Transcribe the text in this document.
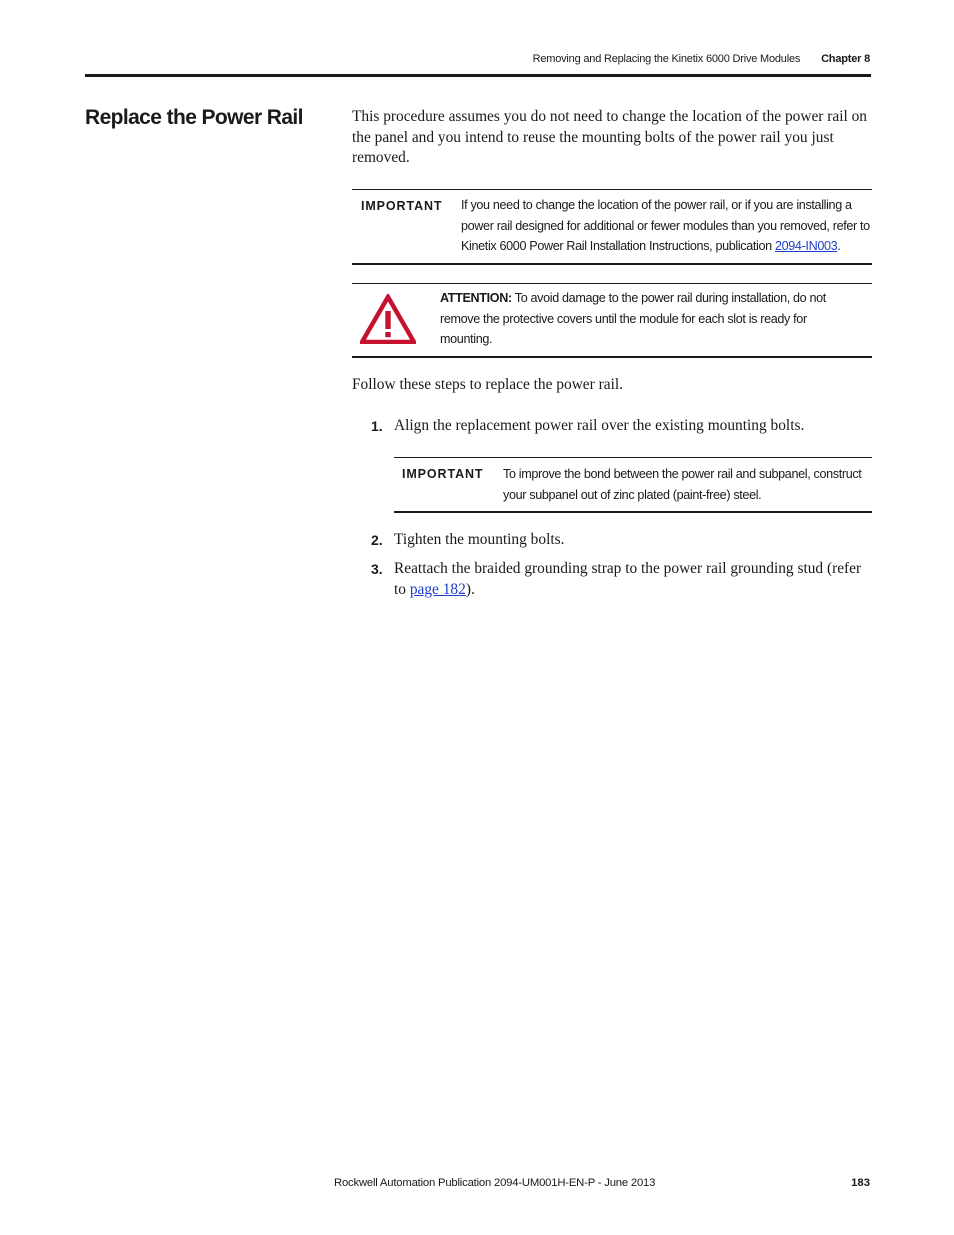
Removing and Replacing the Kinetix 6000 Drive Modules Chapter 8
Replace the Power Rail	This procedure assumes you do not need to change the location of the power rail on the panel and you intend to reuse the mounting bolts of the power rail you just removed.

IMPORTANT If you need to change the location of the power rail, or if you are installing a power rail designed for additional or fewer modules than you removed, refer to Kinetix 6000 Power Rail Installation Instructions, publication 2094-IN003.
ATTENTION: To avoid damage to the power rail during installation, do not remove the protective covers until the module for each slot is ready for mounting.

Follow these steps to replace the power rail.

1. Align the replacement power rail over the existing mounting bolts.
IMPORTANT To improve the bond between the power rail and subpanel, construct your subpanel out of zinc plated (paint-free) steel.
2. Tighten the mounting bolts.
3. Reattach the braided grounding strap to the power rail grounding stud (refer to page 182).
Rockwell Automation Publication 2094-UM001H-EN-P - June 2013	183
